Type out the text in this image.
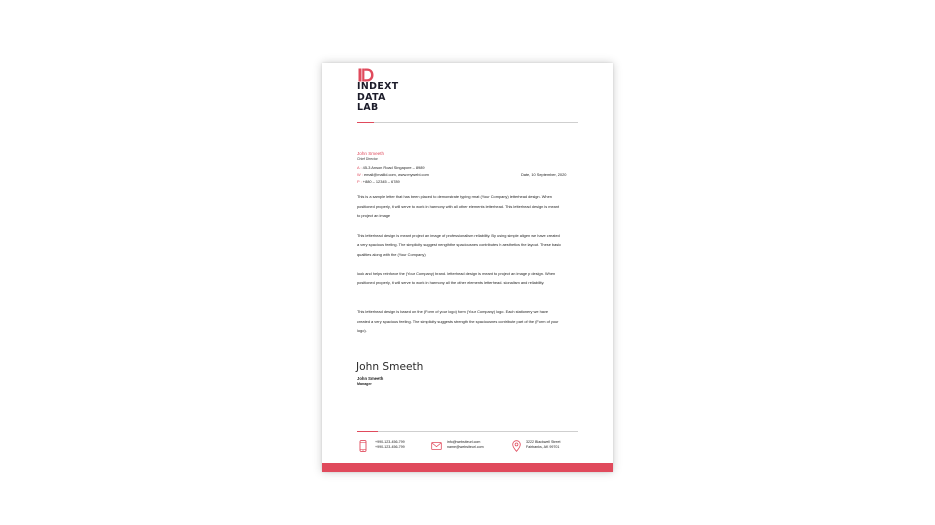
INDEXT
DATA
LAB
John Smeeth
Chief Director
A : 45-3 Anson Road Singapore – 8989
W : email@mailid.com, www.mywebi.com
P : +880 – 12345 – 6789
Date, 10 September, 2020
This is a sample letter that has been placed to demonstrate typing rmat (Your Company) letterhead design. When positioned properly, it will serve to work in harmony with all other elements letterhead. This letterhead design is meant to project an image
This letterhead design is meant project an image of professionalism reliability. By using simple aligen we have created a very spacious feeling. The simplicity suggest nengththe spaciousnes contributes h aesthetics the layout. These basic qualities along with the (Your Company)
look and helps reinforce the (Your Company) brand. letterhead design is meant to project an image p design. When positioned properly, it will serve to work in harmony all the other elements letterhead. sionalism and reliability.
This letterhead design is based on the (Form of your logo) form (Your Company) logo. Each stationery we have created a very spacious feeling. The simplicity suggests strength the spaciousnes contribute part of the (Form of your logo).
John Smeeth
John Smeeth
Manager
+990-123-456-799
+990-123-456-799
info@websiteurl.com
name@websiteurl.com
3222 Blackwell Street
Fairbanks, AK 99701
